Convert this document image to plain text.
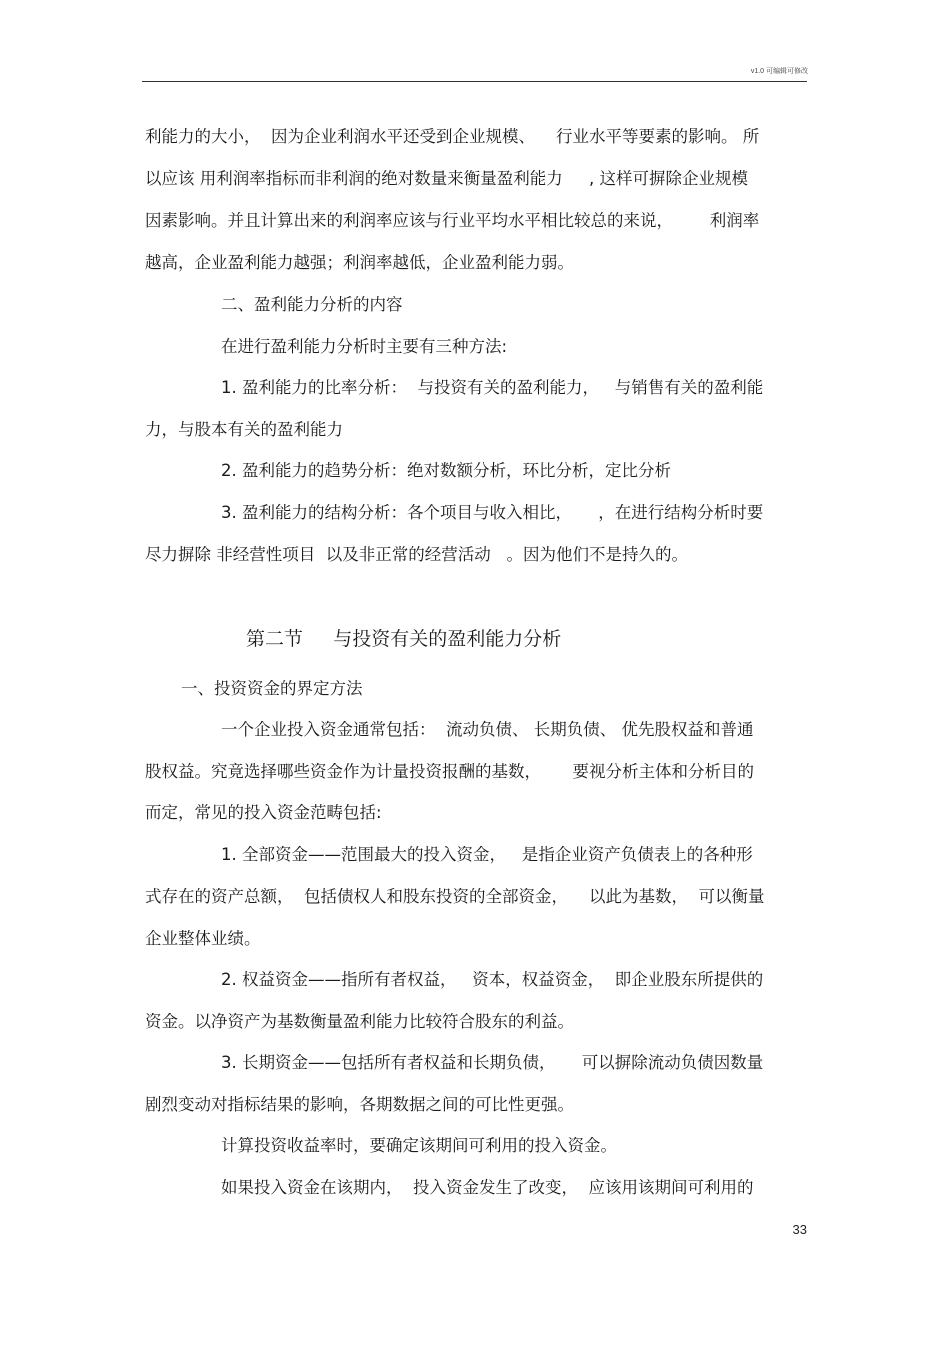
v1.0 可编辑可修改
利能力的大小，  因为企业利润水平还受到企业规模、    行业水平等要素的影响。 所
以应该 用利润率指标而非利润的绝对数量来衡量盈利能力     , 这样可摒除企业规模
因素影响。并且计算出来的利润率应该与行业平均水平相比较总的来说，       利润率
越高，企业盈利能力越强；利润率越低，企业盈利能力弱。
二、盈利能力分析的内容
在进行盈利能力分析时主要有三种方法:
1. 盈利能力的比率分析：  与投资有关的盈利能力，   与销售有关的盈利能
力，与股本有关的盈利能力
2. 盈利能力的趋势分析：绝对数额分析，环比分析，定比分析
3. 盈利能力的结构分析：各个项目与收入相比，     ，在进行结构分析时要
尽力摒除 非经营性项目  以及非正常的经营活动   。因为他们不是持久的。
第二节     与投资有关的盈利能力分析
一、投资资金的界定方法
一个企业投入资金通常包括：  流动负债、 长期负债、 优先股权益和普通
股权益。究竟选择哪些资金作为计量投资报酬的基数，      要视分析主体和分析目的
而定，常见的投入资金范畴包括:
1. 全部资金——范围最大的投入资金，   是指企业资产负债表上的各种形
式存在的资产总额，  包括债权人和股东投资的全部资金，    以此为基数，  可以衡量
企业整体业绩。
2. 权益资金——指所有者权益，   资本，权益资金，  即企业股东所提供的
资金。以净资产为基数衡量盈利能力比较符合股东的利益。
3. 长期资金——包括所有者权益和长期负债，     可以摒除流动负债因数量
剧烈变动对指标结果的影响，各期数据之间的可比性更强。
计算投资收益率时，要确定该期间可利用的投入资金。
如果投入资金在该期内，  投入资金发生了改变，  应该用该期间可利用的
33
